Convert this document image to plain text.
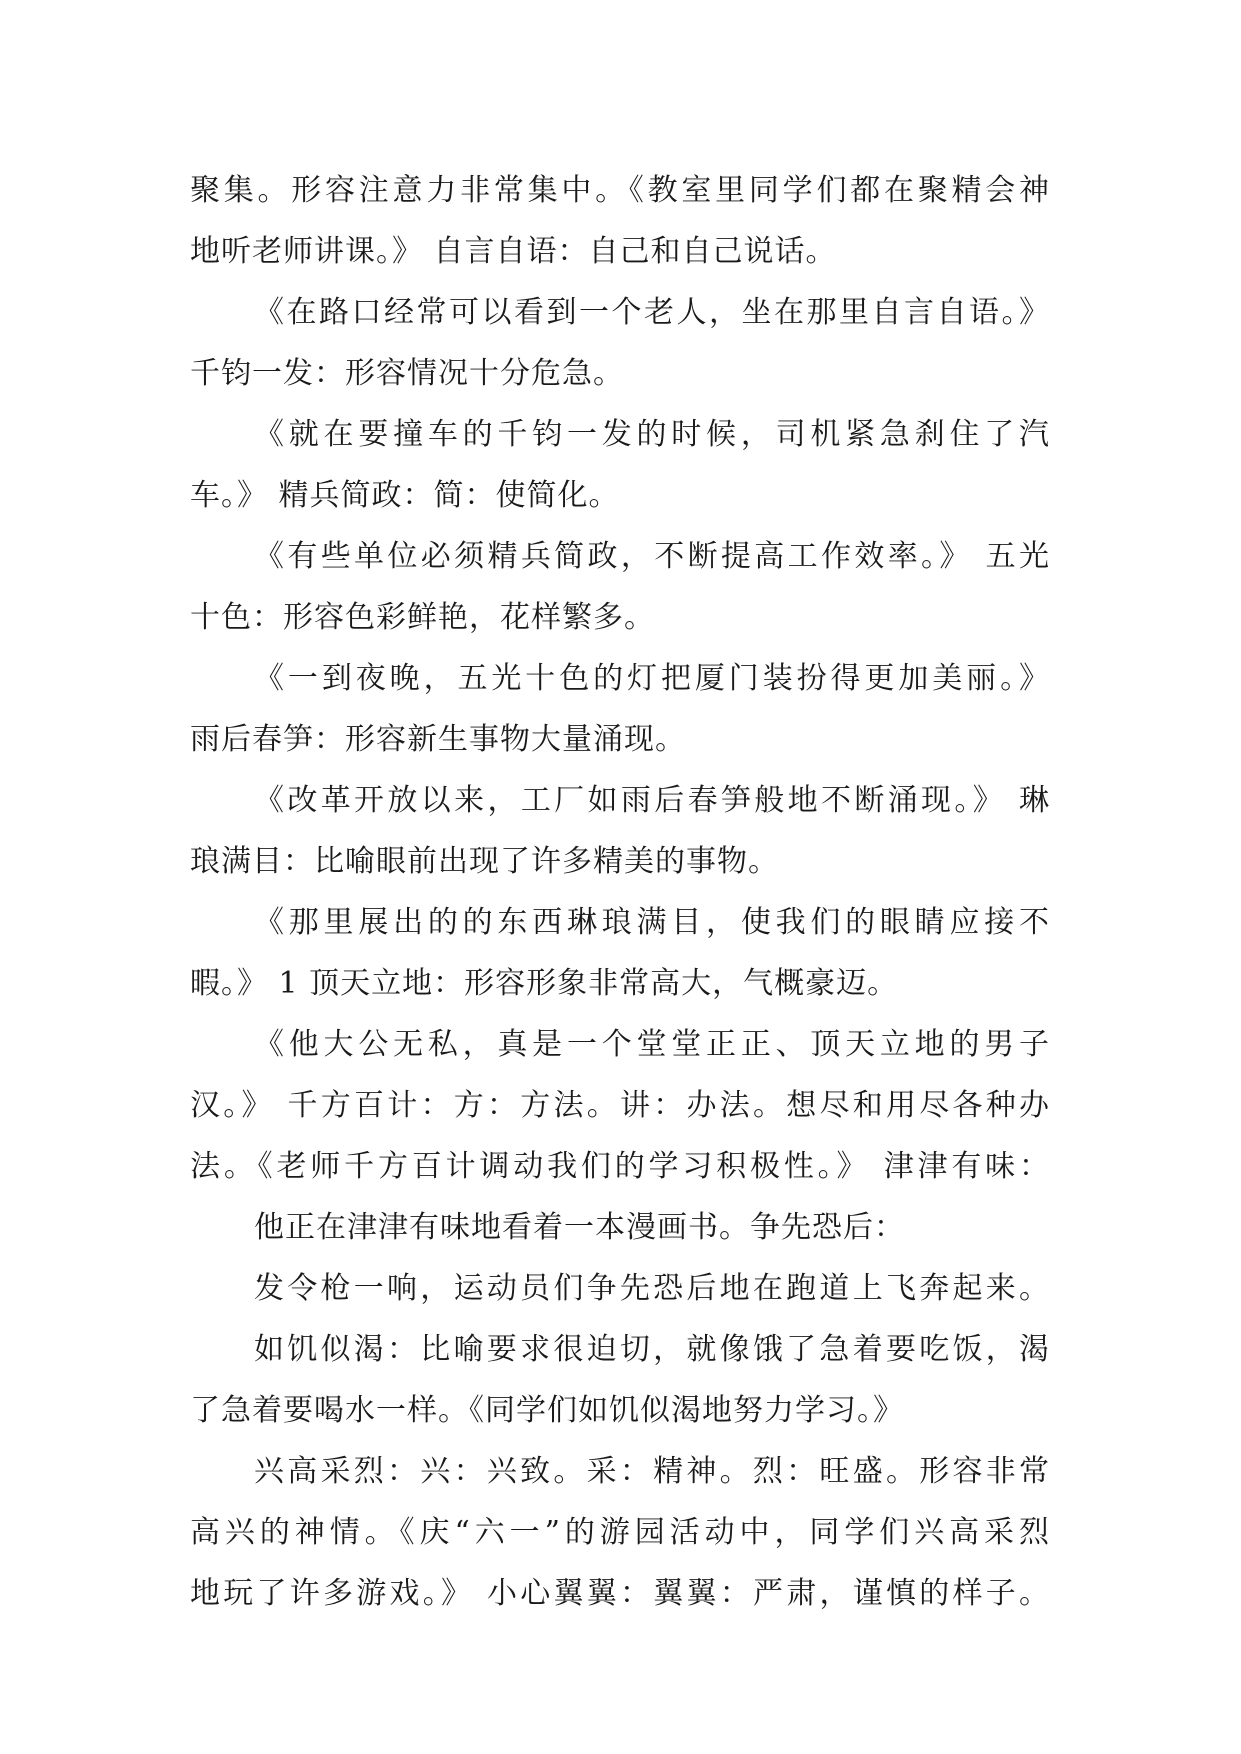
聚集。形容注意力非常集中。《教室里同学们都在聚精会神
地听老师讲课。》 自言自语：自己和自己说话。
《在路口经常可以看到一个老人，坐在那里自言自语。》
千钧一发：形容情况十分危急。
《就在要撞车的千钧一发的时候，司机紧急刹住了汽
车。》 精兵简政：简：使简化。
《有些单位必须精兵简政，不断提高工作效率。》 五光
十色：形容色彩鲜艳，花样繁多。
《一到夜晚，五光十色的灯把厦门装扮得更加美丽。》
雨后春笋：形容新生事物大量涌现。
《改革开放以来，工厂如雨后春笋般地不断涌现。》 琳
琅满目：比喻眼前出现了许多精美的事物。
《那里展出的的东西琳琅满目，使我们的眼睛应接不
暇。》 1 顶天立地：形容形象非常高大，气概豪迈。
《他大公无私，真是一个堂堂正正、顶天立地的男子
汉。》 千方百计：方：方法。讲：办法。想尽和用尽各种办
法。《老师千方百计调动我们的学习积极性。》 津津有味：
他正在津津有味地看着一本漫画书。争先恐后：
发令枪一响，运动员们争先恐后地在跑道上飞奔起来。
如饥似渴：比喻要求很迫切，就像饿了急着要吃饭，渴
了急着要喝水一样。《同学们如饥似渴地努力学习。》
兴高采烈：兴：兴致。采：精神。烈：旺盛。形容非常
高兴的神情。《庆“六一”的游园活动中，同学们兴高采烈
地玩了许多游戏。》 小心翼翼：翼翼：严肃，谨慎的样子。
